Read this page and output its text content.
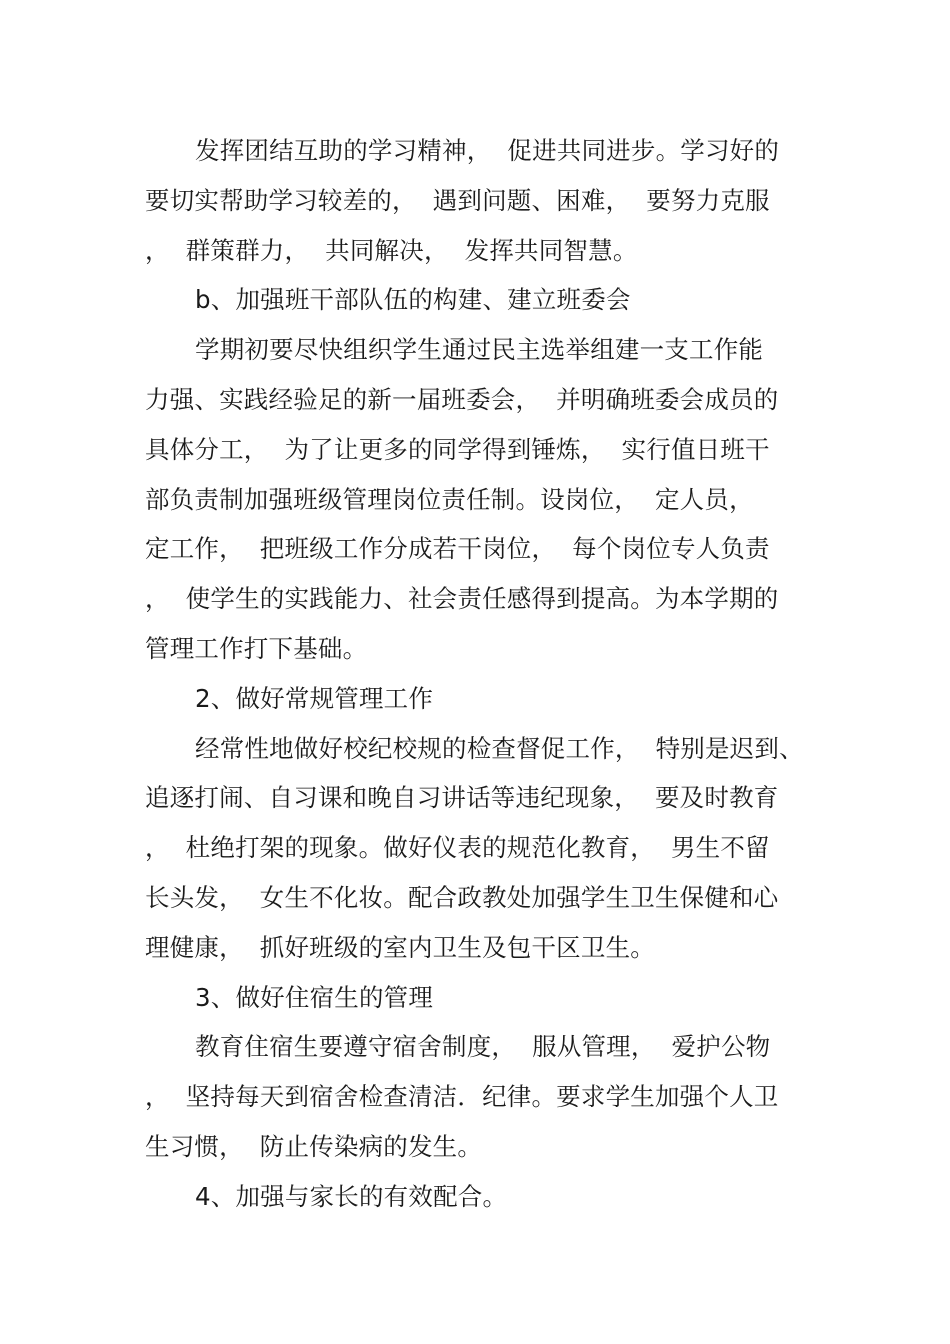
发挥团结互助的学习精神，  促进共同进步。学习好的
要切实帮助学习较差的，  遇到问题、困难，  要努力克服
，  群策群力，  共同解决，  发挥共同智慧。
b、加强班干部队伍的构建、建立班委会
学期初要尽快组织学生通过民主选举组建一支工作能
力强、实践经验足的新一届班委会，  并明确班委会成员的
具体分工，  为了让更多的同学得到锤炼，  实行值日班干
部负责制加强班级管理岗位责任制。设岗位，  定人员，
定工作，  把班级工作分成若干岗位，  每个岗位专人负责
，  使学生的实践能力、社会责任感得到提高。为本学期的
管理工作打下基础。
2、做好常规管理工作
经常性地做好校纪校规的检查督促工作，  特别是迟到、
追逐打闹、自习课和晚自习讲话等违纪现象，  要及时教育
，  杜绝打架的现象。做好仪表的规范化教育，  男生不留
长头发，  女生不化妆。配合政教处加强学生卫生保健和心
理健康，  抓好班级的室内卫生及包干区卫生。
3、做好住宿生的管理
教育住宿生要遵守宿舍制度，  服从管理，  爱护公物
，  坚持每天到宿舍检查清洁．纪律。要求学生加强个人卫
生习惯，  防止传染病的发生。
4、加强与家长的有效配合。
